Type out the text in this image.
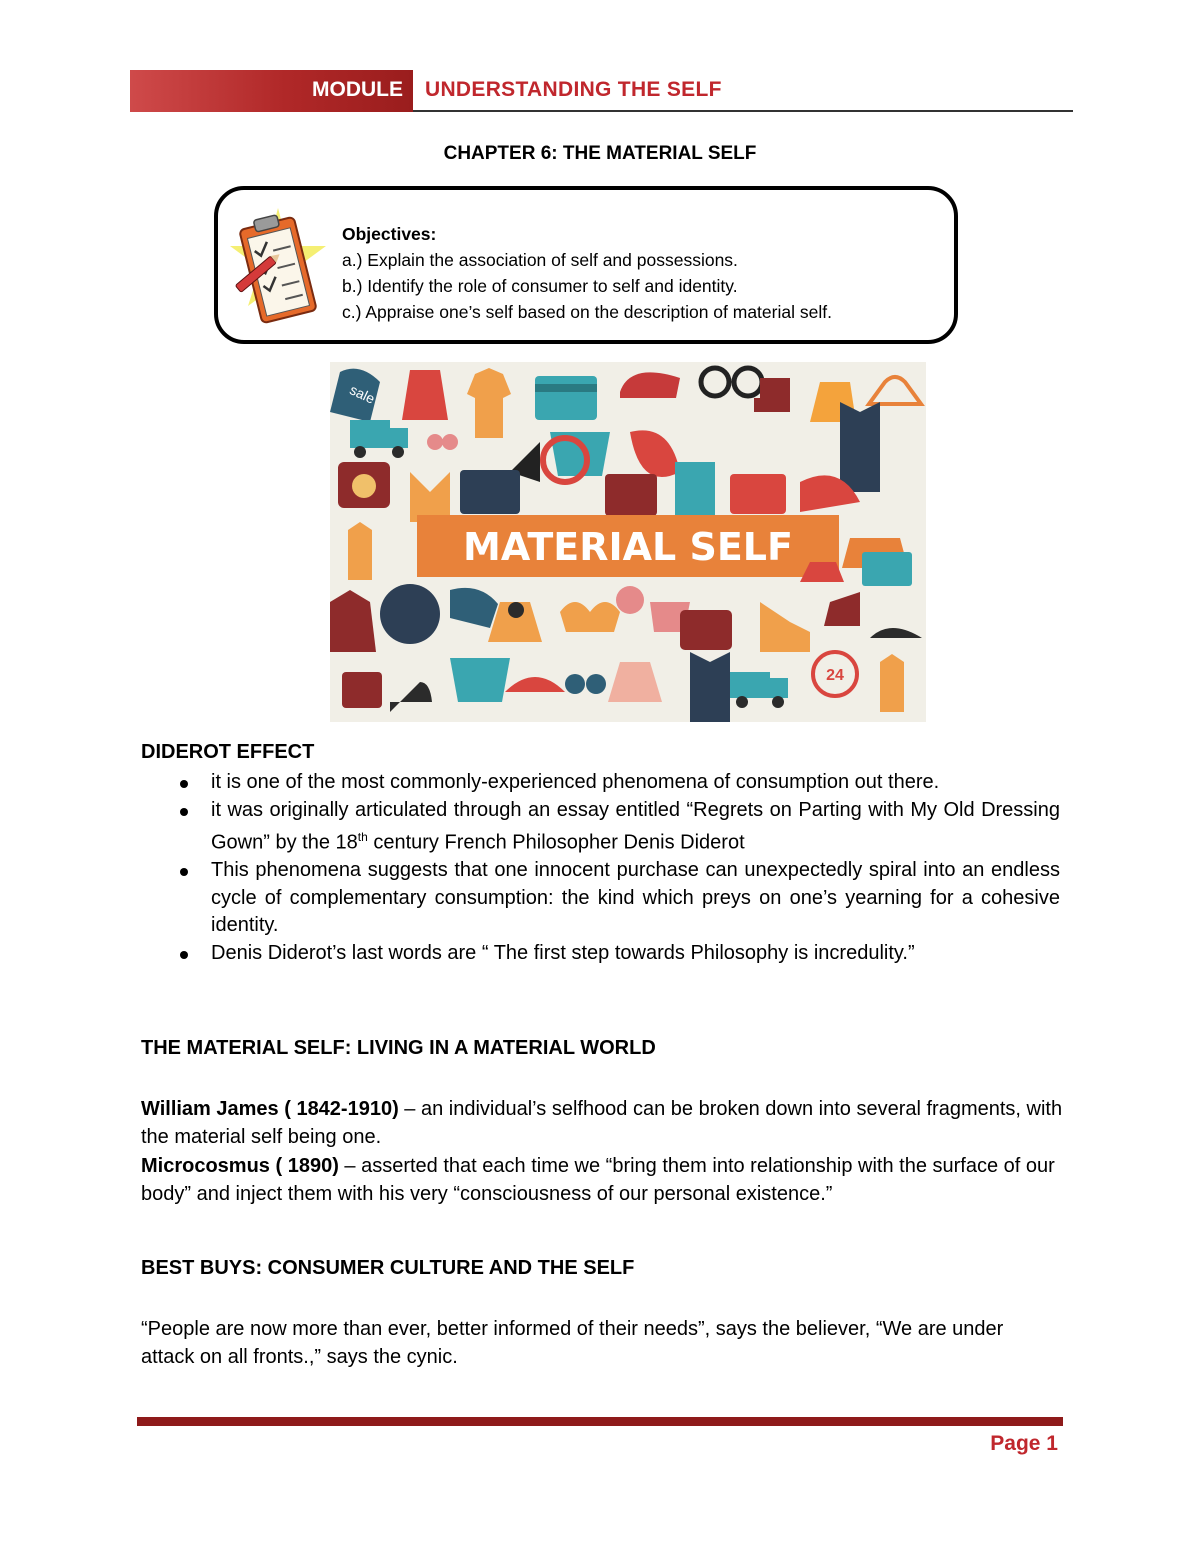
MODULE UNDERSTANDING THE SELF
CHAPTER 6: THE MATERIAL SELF
Objectives:
a.) Explain the association of self and possessions.
b.) Identify the role of consumer to self and identity.
c.) Appraise one’s self based on the description of material self.
sale
MATERIAL SELF
24
DIDEROT EFFECT
it is one of the most commonly-experienced phenomena of consumption out there.
it was originally articulated through an essay entitled “Regrets on Parting with My Old Dressing Gown” by the 18th century French Philosopher Denis Diderot
This phenomena suggests that one innocent purchase can unexpectedly spiral into an endless cycle of complementary consumption: the kind which preys on one’s yearning for a cohesive identity.
Denis Diderot’s last words are “ The first step towards Philosophy is incredulity.”
THE MATERIAL SELF: LIVING IN A MATERIAL WORLD
William James ( 1842-1910) – an individual’s selfhood can be broken down into several fragments, with the material self being one.
Microcosmus ( 1890) – asserted that each time we “bring them into relationship with the surface of our body” and inject them with his very “consciousness of our personal existence.”
BEST BUYS: CONSUMER CULTURE AND THE SELF
“People are now more than ever, better informed of their needs”, says the believer, “We are under attack on all fronts.,” says the cynic.
Page 1
